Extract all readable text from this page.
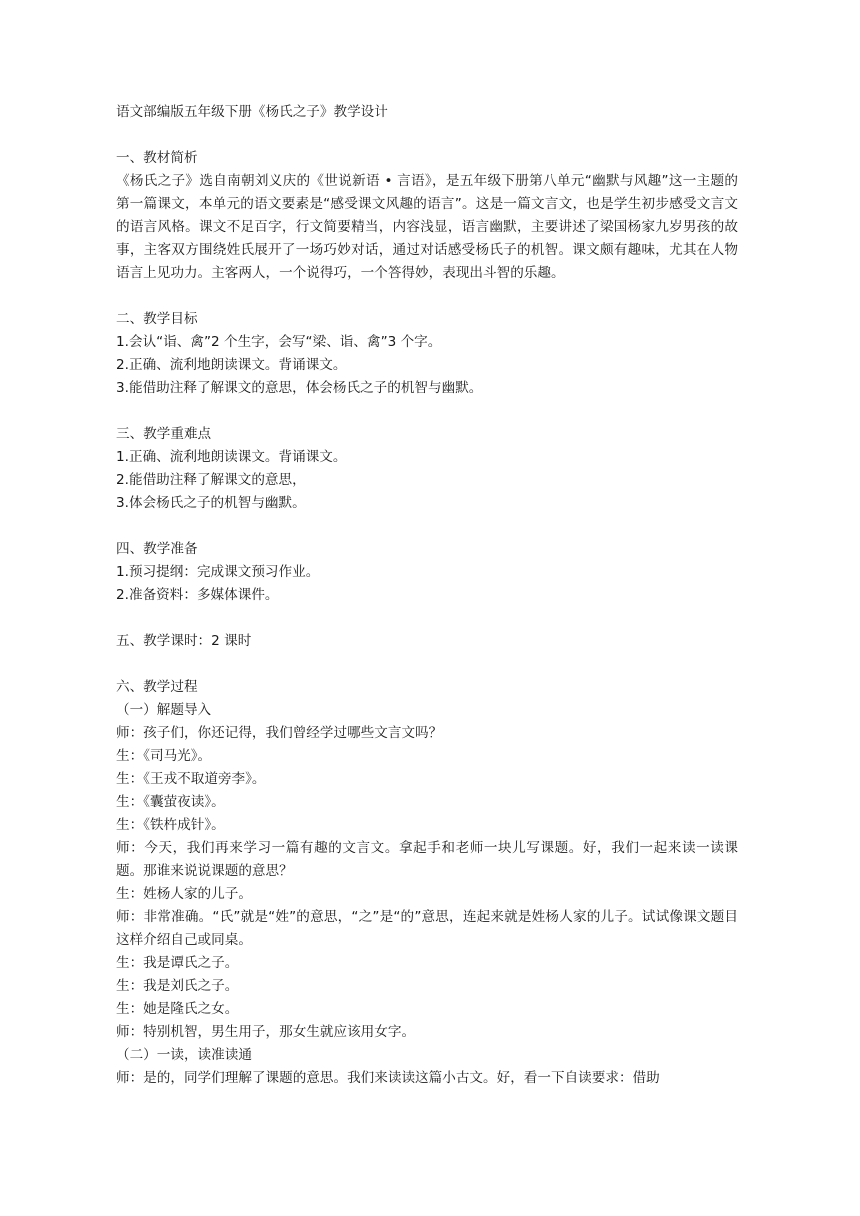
语文部编版五年级下册《杨氏之子》教学设计
一、教材简析
《杨氏之子》选自南朝刘义庆的《世说新语 • 言语》，是五年级下册第八单元“幽默与风趣”这一主题的第一篇课文，本单元的语文要素是“感受课文风趣的语言”。这是一篇文言文，也是学生初步感受文言文的语言风格。课文不足百字，行文简要精当，内容浅显，语言幽默，主要讲述了梁国杨家九岁男孩的故事，主客双方围绕姓氏展开了一场巧妙对话，通过对话感受杨氏子的机智。课文颇有趣味，尤其在人物语言上见功力。主客两人，一个说得巧，一个答得妙，表现出斗智的乐趣。
二、教学目标
1.会认“诣、禽”2 个生字，会写“梁、诣、禽”3 个字。
2.正确、流利地朗读课文。背诵课文。
3.能借助注释了解课文的意思，体会杨氏之子的机智与幽默。
三、教学重难点
1.正确、流利地朗读课文。背诵课文。
2.能借助注释了解课文的意思，
3.体会杨氏之子的机智与幽默。
四、教学准备
1.预习提纲：完成课文预习作业。
2.准备资料：多媒体课件。
五、教学课时：2 课时
六、教学过程
（一）解题导入
师：孩子们，你还记得，我们曾经学过哪些文言文吗？
生：《司马光》。
生：《王戎不取道旁李》。
生：《囊萤夜读》。
生：《铁杵成针》。
师：今天，我们再来学习一篇有趣的文言文。拿起手和老师一块儿写课题。好，我们一起来读一读课题。那谁来说说课题的意思？
生：姓杨人家的儿子。
师：非常准确。“氏”就是“姓”的意思，“之”是“的”意思，连起来就是姓杨人家的儿子。试试像课文题目这样介绍自己或同桌。
生：我是谭氏之子。
生：我是刘氏之子。
生：她是隆氏之女。
师：特别机智，男生用子，那女生就应该用女字。
（二）一读，读准读通
师：是的，同学们理解了课题的意思。我们来读读这篇小古文。好，看一下自读要求：借助
